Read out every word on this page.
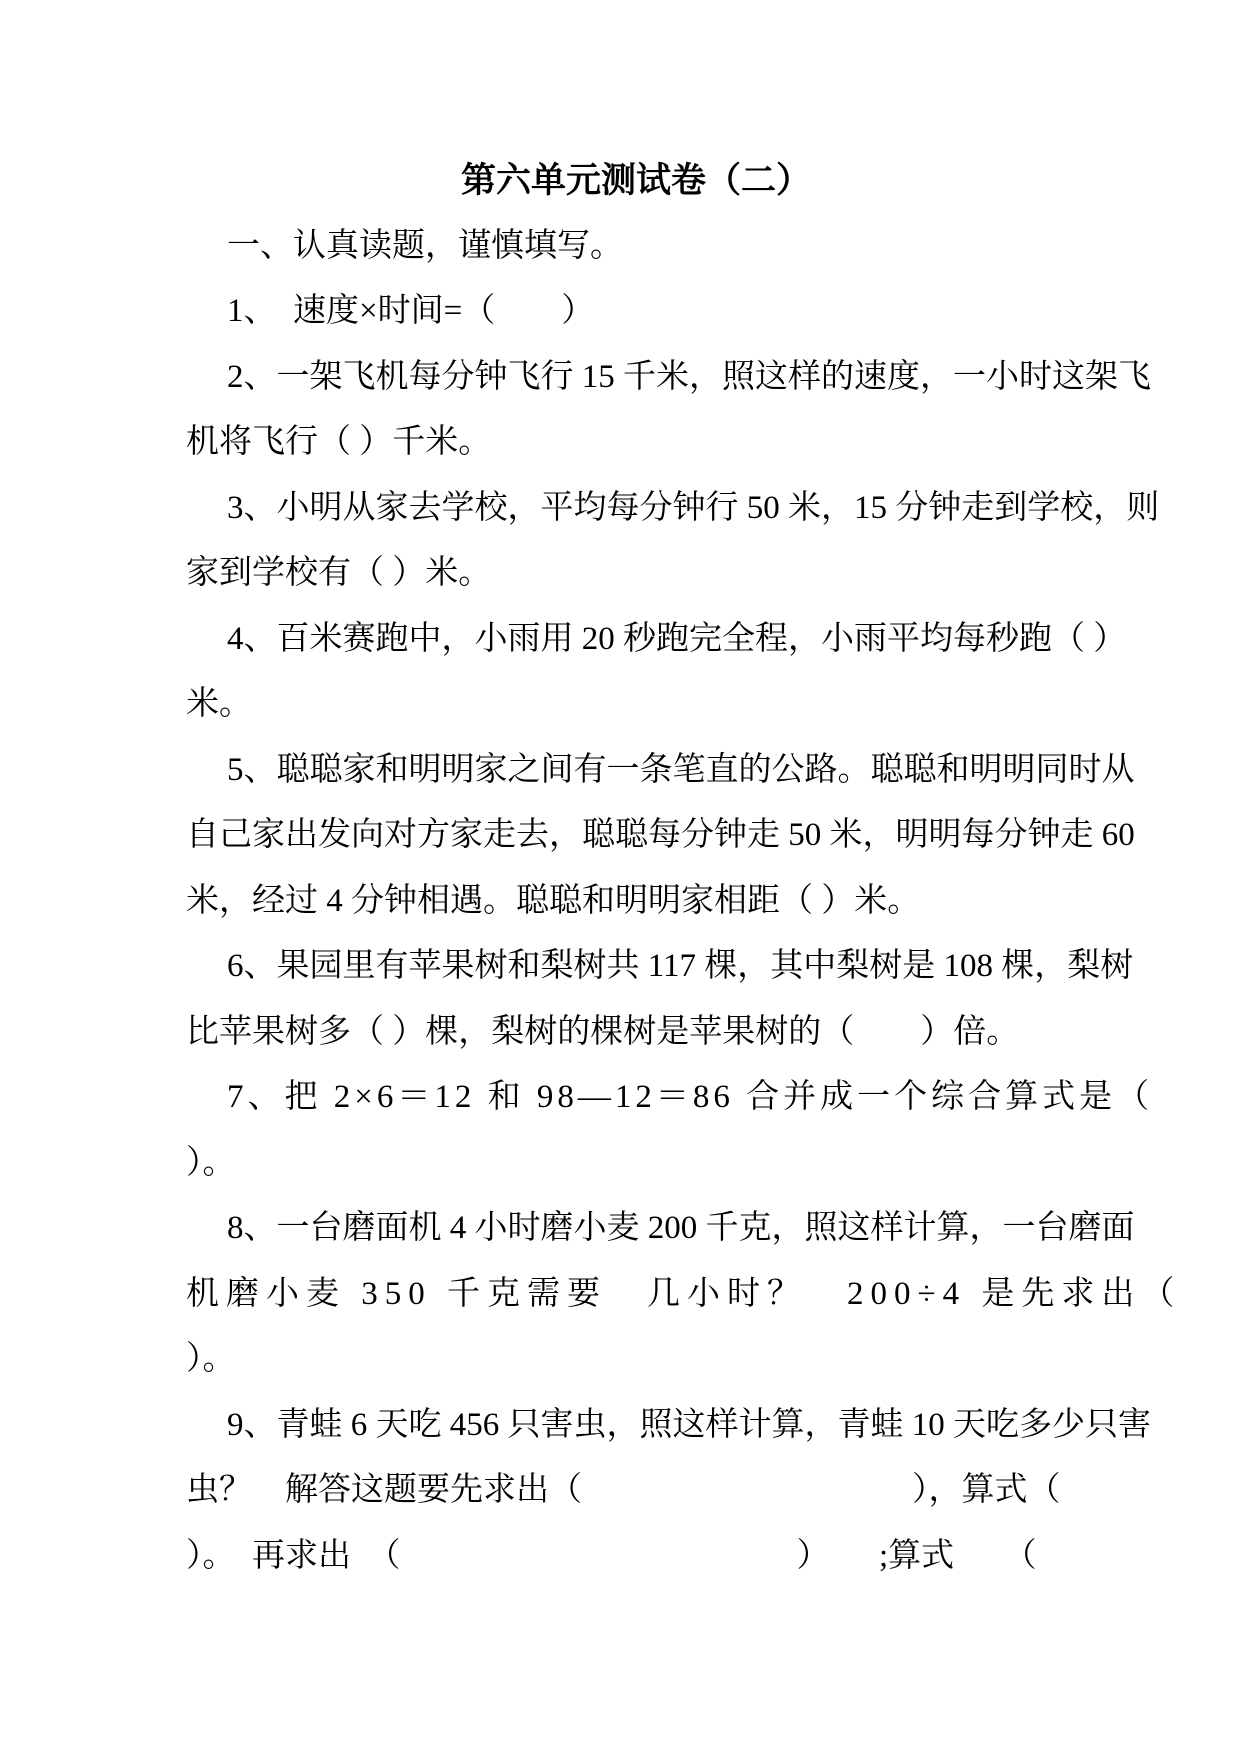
第六单元测试卷（二）
一、认真读题，谨慎填写。
1、　速度×时间=（　　）
2、一架飞机每分钟飞行 15 千米，照这样的速度，一小时这架飞
机将飞行（ ）千米。
3、小明从家去学校，平均每分钟行 50 米，15 分钟走到学校，则
家到学校有（ ）米。
4、百米赛跑中，小雨用 20 秒跑完全程，小雨平均每秒跑（ ）
米。
5、聪聪家和明明家之间有一条笔直的公路。聪聪和明明同时从
自己家出发向对方家走去，聪聪每分钟走 50 米，明明每分钟走 60
米，经过 4 分钟相遇。聪聪和明明家相距（ ）米。
6、果园里有苹果树和梨树共 117 棵，其中梨树是 108 棵，梨树
比苹果树多（ ）棵，梨树的棵树是苹果树的（　　）倍。
7、把 2×6＝12 和 98—12＝86 合并成一个综合算式是（
）。
8、一台磨面机 4 小时磨小麦 200 千克，照这样计算，一台磨面
机磨小麦 350 千克需要　几小时？　200÷4 是先求出（
）。
9、青蛙 6 天吃 456 只害虫，照这样计算，青蛙 10 天吃多少只害
虫？　解答这题要先求出（　　　　　　　　　　），算式（
）。　再求出　（　　　　　　　　　　　　）　　;算式　　（
